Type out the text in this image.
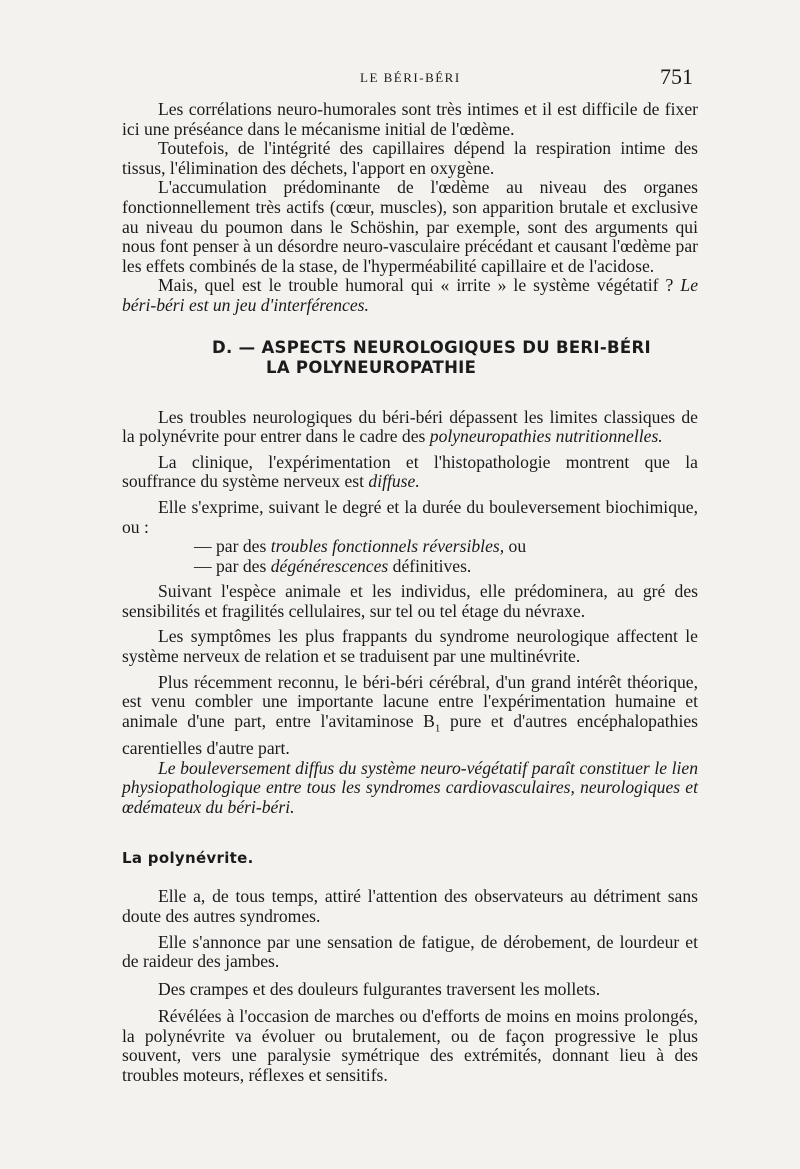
LE BÉRI-BÉRI	751

Les corrélations neuro-humorales sont très intimes et il est difficile de fixer ici une préséance dans le mécanisme initial de l'œdème.

Toutefois, de l'intégrité des capillaires dépend la respiration intime des tissus, l'élimination des déchets, l'apport en oxygène.

L'accumulation prédominante de l'œdème au niveau des organes fonctionnellement très actifs (cœur, muscles), son apparition brutale et exclusive au niveau du poumon dans le Schöshin, par exemple, sont des arguments qui nous font penser à un désordre neuro-vasculaire précédant et causant l'œdème par les effets combinés de la stase, de l'hyperméabilité capillaire et de l'acidose.

Mais, quel est le trouble humoral qui « irrite » le système végétatif ? Le béri-béri est un jeu d'interférences.

D. — ASPECTS NEUROLOGIQUES DU BERI-BÉRI
LA POLYNEUROPATHIE

Les troubles neurologiques du béri-béri dépassent les limites classiques de la polynévrite pour entrer dans le cadre des polyneuropathies nutritionnelles.

La clinique, l'expérimentation et l'histopathologie montrent que la souffrance du système nerveux est diffuse.

Elle s'exprime, suivant le degré et la durée du bouleversement biochimique, ou :

— par des troubles fonctionnels réversibles, ou

— par des dégénérescences définitives.

Suivant l'espèce animale et les individus, elle prédominera, au gré des sensibilités et fragilités cellulaires, sur tel ou tel étage du névraxe.

Les symptômes les plus frappants du syndrome neurologique affectent le système nerveux de relation et se traduisent par une multinévrite.

Plus récemment reconnu, le béri-béri cérébral, d'un grand intérêt théorique, est venu combler une importante lacune entre l'expérimentation humaine et animale d'une part, entre l'avitaminose $B_1$ pure et d'autres encéphalopathies carentielles d'autre part.

Le bouleversement diffus du système neuro-végétatif paraît constituer le lien physiopathologique entre tous les syndromes cardiovasculaires, neurologiques et œdémateux du béri-béri.

La polynévrite.

Elle a, de tous temps, attiré l'attention des observateurs au détriment sans doute des autres syndromes.

Elle s'annonce par une sensation de fatigue, de dérobement, de lourdeur et de raideur des jambes.

Des crampes et des douleurs fulgurantes traversent les mollets.

Révélées à l'occasion de marches ou d'efforts de moins en moins prolongés, la polynévrite va évoluer ou brutalement, ou de façon progressive le plus souvent, vers une paralysie symétrique des extrémités, donnant lieu à des troubles moteurs, réflexes et sensitifs.
